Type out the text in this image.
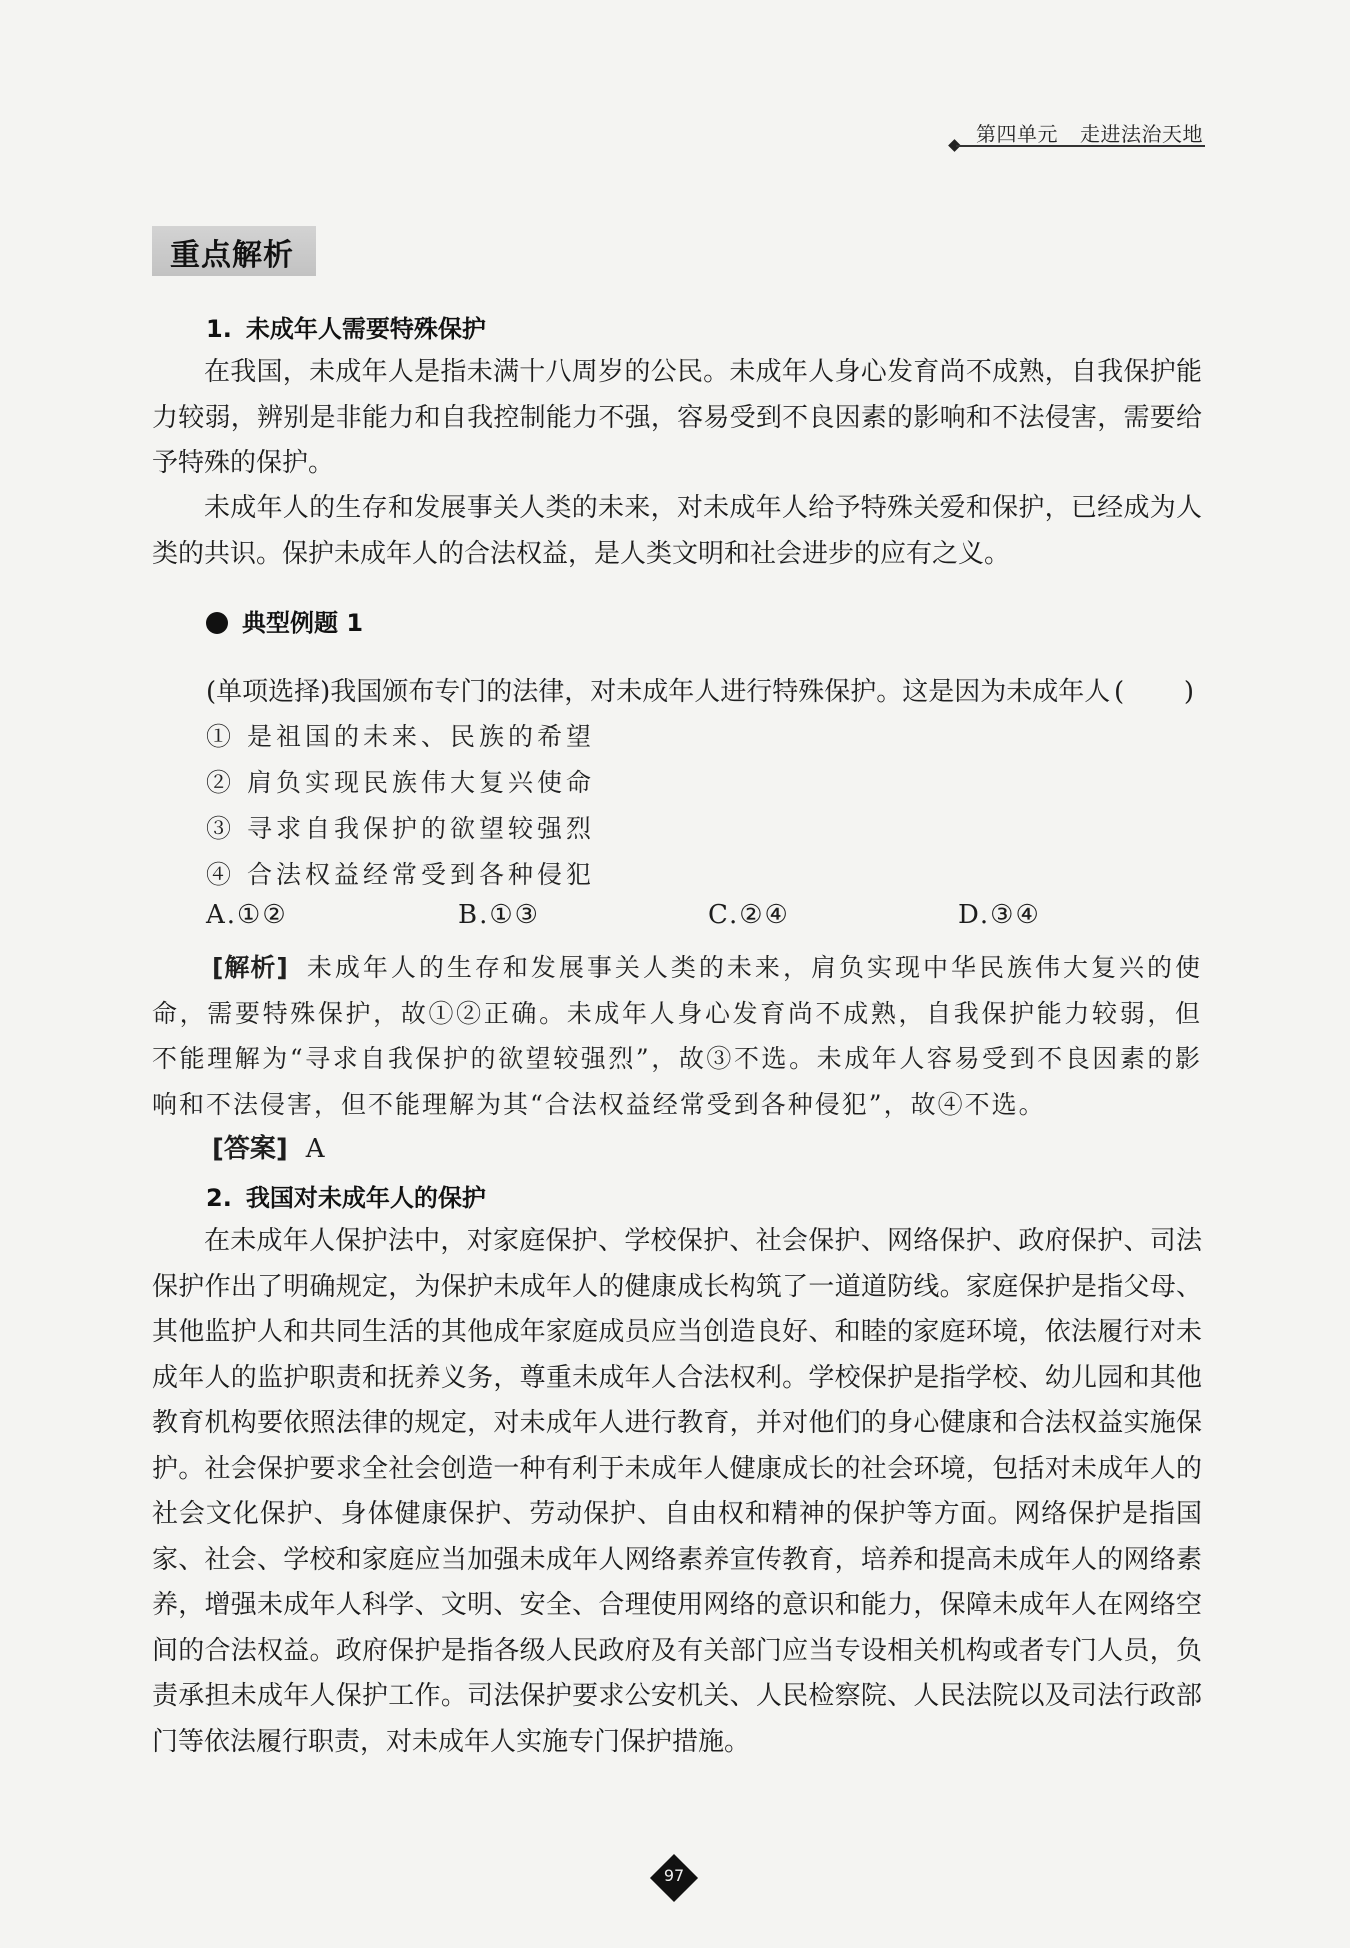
第四单元 走进法治天地
重点解析
1. 未成年人需要特殊保护

在我国，未成年人是指未满十八周岁的公民。未成年人身心发育尚不成熟，自我保护能力较弱，辨别是非能力和自我控制能力不强，容易受到不良因素的影响和不法侵害，需要给予特殊的保护。

未成年人的生存和发展事关人类的未来，对未成年人给予特殊关爱和保护，已经成为人类的共识。保护未成年人的合法权益，是人类文明和社会进步的应有之义。

典型例题 1
(单项选择)我国颁布专门的法律，对未成年人进行特殊保护。这是因为未成年人 ( )
① 是祖国的未来、民族的希望
② 肩负实现民族伟大复兴使命
③ 寻求自我保护的欲望较强烈
④ 合法权益经常受到各种侵犯
A.①②	B.①③	C.②④	D.③④

[解析] 未成年人的生存和发展事关人类的未来，肩负实现中华民族伟大复兴的使命，需要特殊保护，故①②正确。未成年人身心发育尚不成熟，自我保护能力较弱，但不能理解为“寻求自我保护的欲望较强烈”，故③不选。未成年人容易受到不良因素的影响和不法侵害，但不能理解为其“合法权益经常受到各种侵犯”，故④不选。

[答案] A
2. 我国对未成年人的保护

在未成年人保护法中，对家庭保护、学校保护、社会保护、网络保护、政府保护、司法保护作出了明确规定，为保护未成年人的健康成长构筑了一道道防线。家庭保护是指父母、其他监护人和共同生活的其他成年家庭成员应当创造良好、和睦的家庭环境，依法履行对未成年人的监护职责和抚养义务，尊重未成年人合法权利。学校保护是指学校、幼儿园和其他教育机构要依照法律的规定，对未成年人进行教育，并对他们的身心健康和合法权益实施保护。社会保护要求全社会创造一种有利于未成年人健康成长的社会环境，包括对未成年人的社会文化保护、身体健康保护、劳动保护、自由权和精神的保护等方面。网络保护是指国家、社会、学校和家庭应当加强未成年人网络素养宣传教育，培养和提高未成年人的网络素养，增强未成年人科学、文明、安全、合理使用网络的意识和能力，保障未成年人在网络空间的合法权益。政府保护是指各级人民政府及有关部门应当专设相关机构或者专门人员，负责承担未成年人保护工作。司法保护要求公安机关、人民检察院、人民法院以及司法行政部门等依法履行职责，对未成年人实施专门保护措施。

97
